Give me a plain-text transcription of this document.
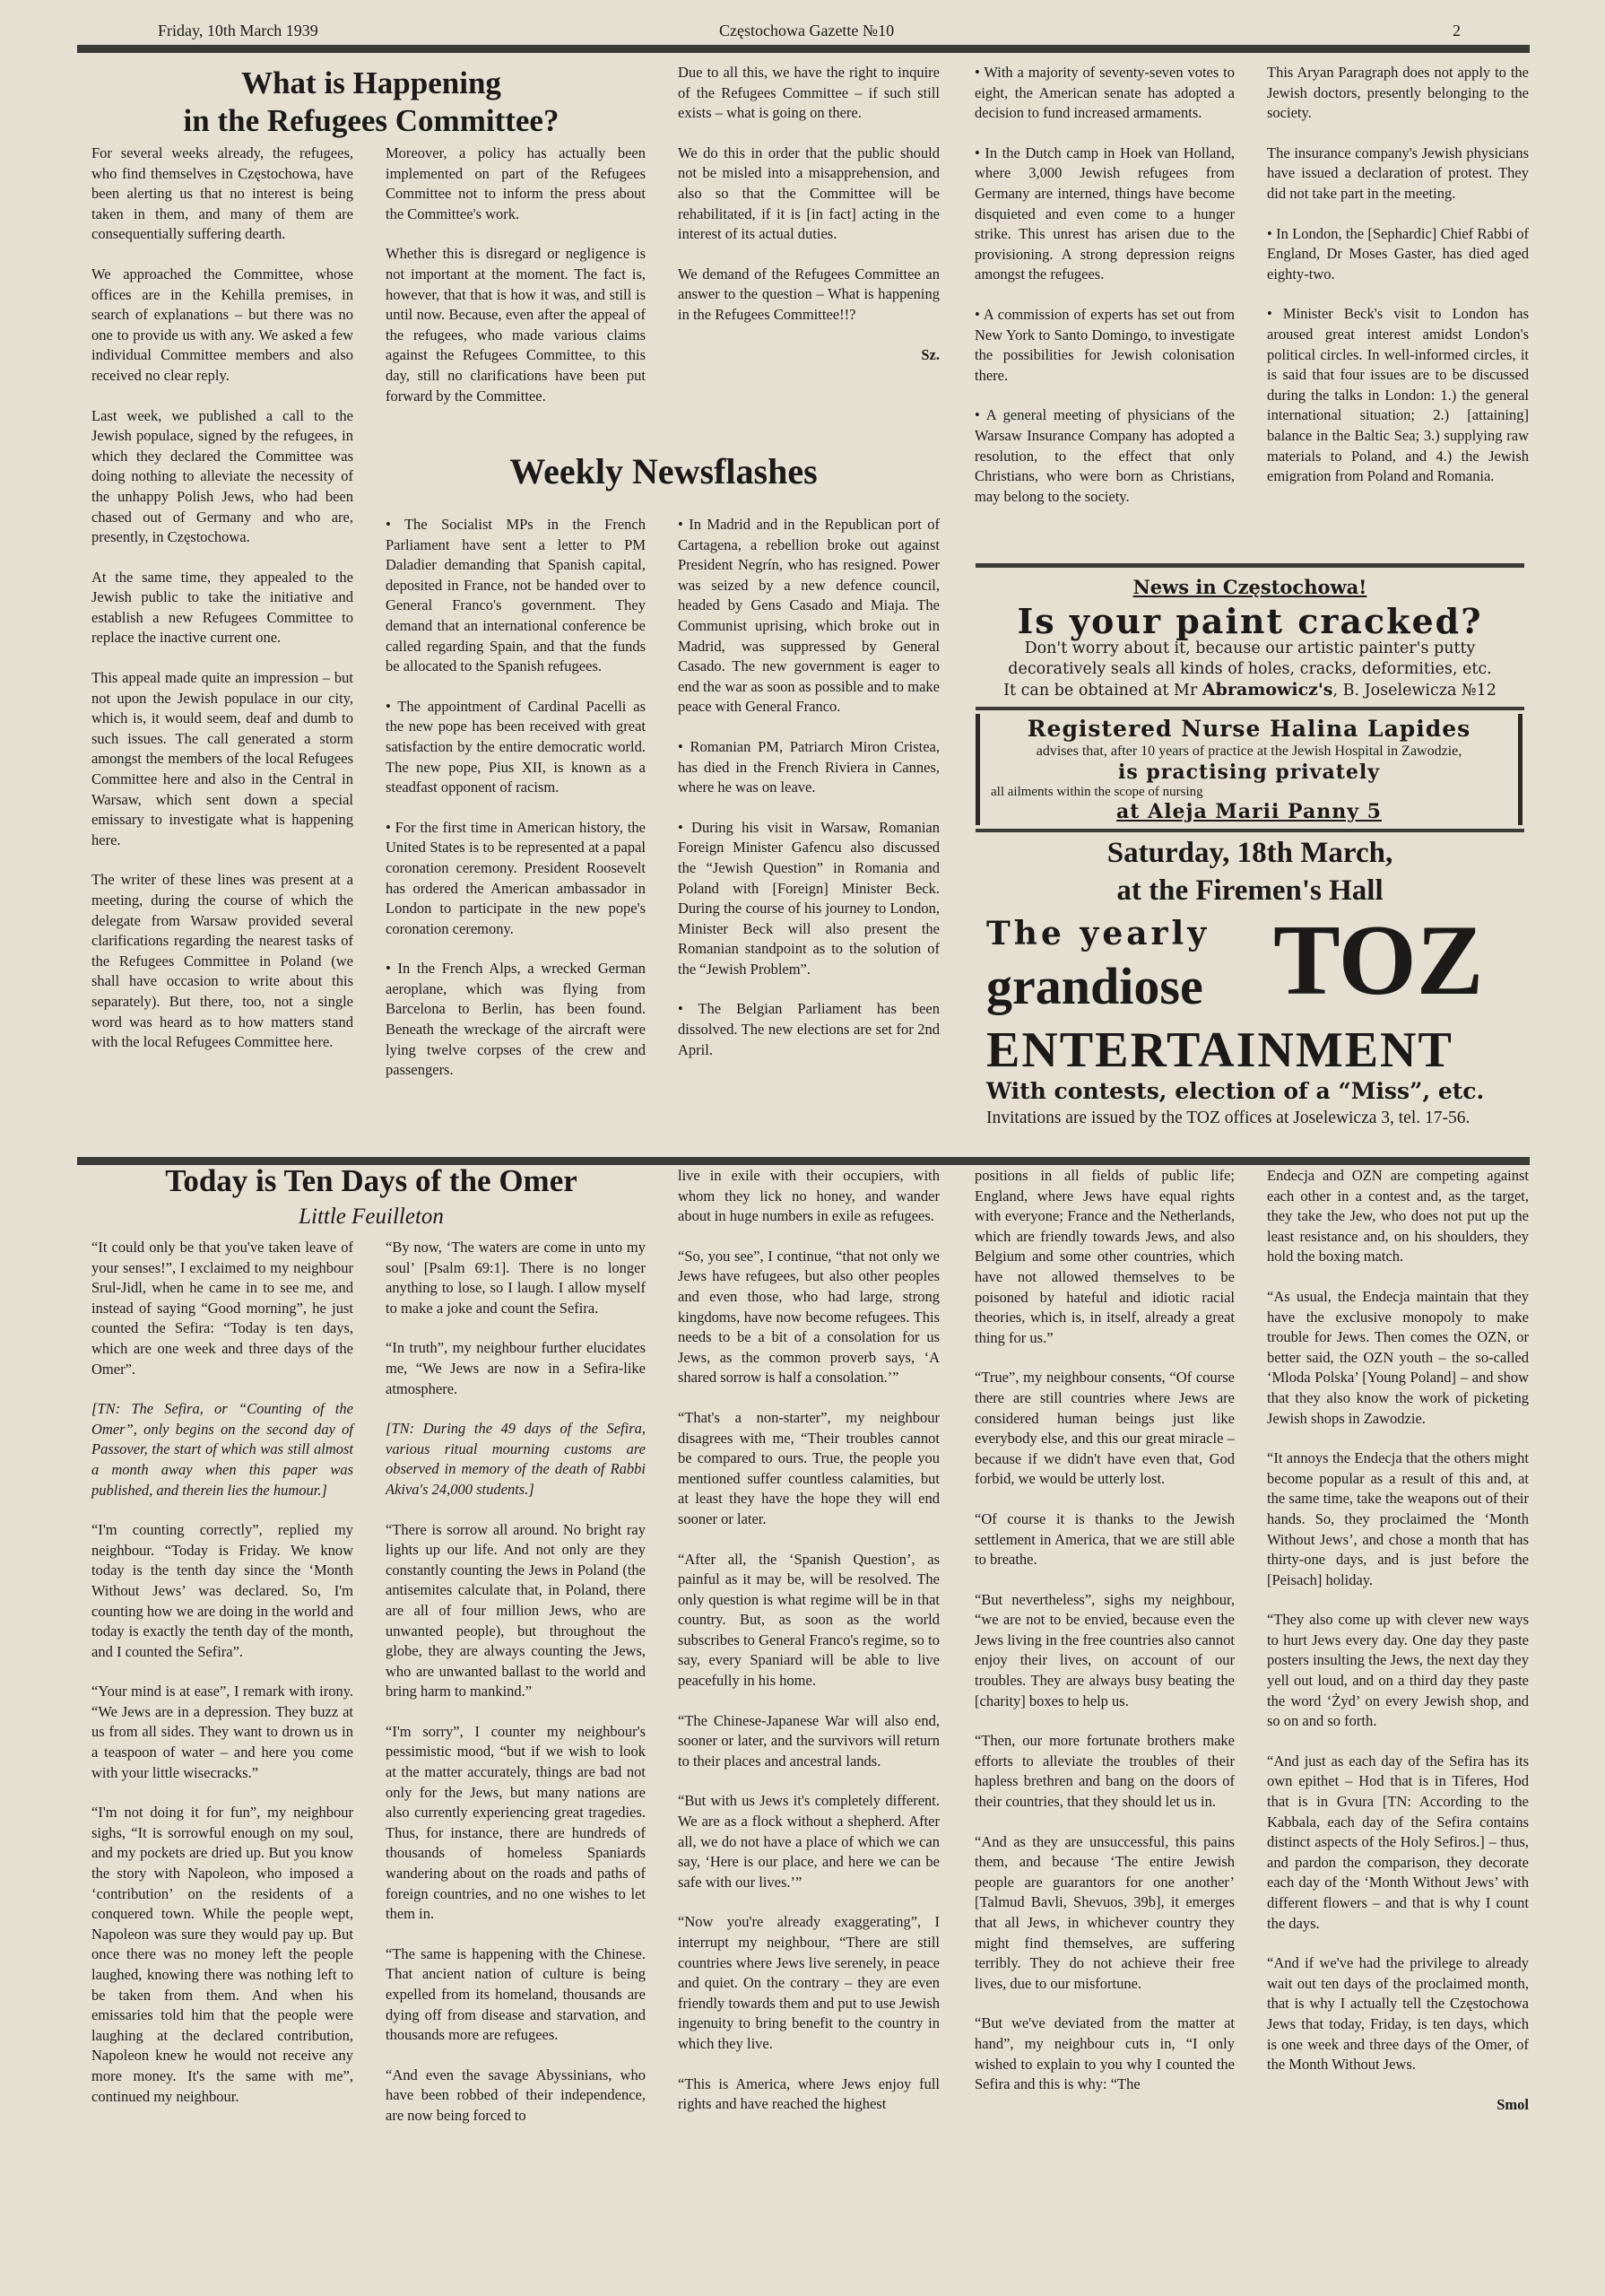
Friday, 10th March 1939	Częstochowa Gazette №10	2
What is Happening
in the Refugees Committee?

For several weeks already, the refugees, who find themselves in Częstochowa, have been alerting us that no interest is being taken in them, and many of them are consequentially suffering dearth.

We approached the Committee, whose offices are in the Kehilla premises, in search of explanations – but there was no one to provide us with any. We asked a few individual Committee members and also received no clear reply.

Last week, we published a call to the Jewish populace, signed by the refugees, in which they declared the Committee was doing nothing to alleviate the necessity of the unhappy Polish Jews, who had been chased out of Germany and who are, presently, in Częstochowa.

At the same time, they appealed to the Jewish public to take the initiative and establish a new Refugees Committee to replace the inactive current one.

This appeal made quite an impression – but not upon the Jewish populace in our city, which is, it would seem, deaf and dumb to such issues. The call generated a storm amongst the members of the local Refugees Committee here and also in the Central in Warsaw, which sent down a special emissary to investigate what is happening here.

The writer of these lines was present at a meeting, during the course of which the delegate from Warsaw provided several clarifications regarding the nearest tasks of the Refugees Committee in Poland (we shall have occasion to write about this separately). But there, too, not a single word was heard as to how matters stand with the local Refugees Committee here.

Moreover, a policy has actually been implemented on part of the Refugees Committee not to inform the press about the Committee's work.

Whether this is disregard or negligence is not important at the moment. The fact is, however, that that is how it was, and still is until now. Because, even after the appeal of the refugees, who made various claims against the Refugees Committee, to this day, still no clarifications have been put forward by the Committee.

Due to all this, we have the right to inquire of the Refugees Committee – if such still exists – what is going on there.

We do this in order that the public should not be misled into a misapprehension, and also so that the Committee will be rehabilitated, if it is [in fact] acting in the interest of its actual duties.

We demand of the Refugees Committee an answer to the question – What is happening in the Refugees Committee!!?

Sz.
Weekly Newsflashes

• The Socialist MPs in the French Parliament have sent a letter to PM Daladier demanding that Spanish capital, deposited in France, not be handed over to General Franco's government. They demand that an international conference be called regarding Spain, and that the funds be allocated to the Spanish refugees.

• The appointment of Cardinal Pacelli as the new pope has been received with great satisfaction by the entire democratic world. The new pope, Pius XII, is known as a steadfast opponent of racism.

• For the first time in American history, the United States is to be represented at a papal coronation ceremony. President Roosevelt has ordered the American ambassador in London to participate in the new pope's coronation ceremony.

• In the French Alps, a wrecked German aeroplane, which was flying from Barcelona to Berlin, has been found. Beneath the wreckage of the aircraft were lying twelve corpses of the crew and passengers.

• In Madrid and in the Republican port of Cartagena, a rebellion broke out against President Negrín, who has resigned. Power was seized by a new defence council, headed by Gens Casado and Miaja. The Communist uprising, which broke out in Madrid, was suppressed by General Casado. The new government is eager to end the war as soon as possible and to make peace with General Franco.

• Romanian PM, Patriarch Miron Cristea, has died in the French Riviera in Cannes, where he was on leave.

• During his visit in Warsaw, Romanian Foreign Minister Gafencu also discussed the “Jewish Question” in Romania and Poland with [Foreign] Minister Beck. During the course of his journey to London, Minister Beck will also present the Romanian standpoint as to the solution of the “Jewish Problem”.

• The Belgian Parliament has been dissolved. The new elections are set for 2nd April.

• With a majority of seventy-seven votes to eight, the American senate has adopted a decision to fund increased armaments.

• In the Dutch camp in Hoek van Holland, where 3,000 Jewish refugees from Germany are interned, things have become disquieted and even come to a hunger strike. This unrest has arisen due to the provisioning. A strong depression reigns amongst the refugees.

• A commission of experts has set out from New York to Santo Domingo, to investigate the possibilities for Jewish colonisation there.

• A general meeting of physicians of the Warsaw Insurance Company has adopted a resolution, to the effect that only Christians, who were born as Christians, may belong to the society.

This Aryan Paragraph does not apply to the Jewish doctors, presently belonging to the society.

The insurance company's Jewish physicians have issued a declaration of protest. They did not take part in the meeting.

• In London, the [Sephardic] Chief Rabbi of England, Dr Moses Gaster, has died aged eighty-two.

• Minister Beck's visit to London has aroused great interest amidst London's political circles. In well-informed circles, it is said that four issues are to be discussed during the talks in London: 1.) the general international situation; 2.) [attaining] balance in the Baltic Sea; 3.) supplying raw materials to Poland, and 4.) the Jewish emigration from Poland and Romania.

News in Częstochowa!
Is your paint cracked?
Don't worry about it, because our artistic painter's putty
decoratively seals all kinds of holes, cracks, deformities, etc.
It can be obtained at Mr Abramowicz's, B. Joselewicza №12
Registered Nurse Halina Lapides
advises that, after 10 years of practice at the Jewish Hospital in Zawodzie,
is practising privately
all ailments within the scope of nursing
at Aleja Marii Panny 5
Saturday, 18th March,
at the Firemen's Hall
The yearly
grandiose TOZ
ENTERTAINMENT
With contests, election of a “Miss”, etc.
Invitations are issued by the TOZ offices at Joselewicza 3, tel. 17-56.
Today is Ten Days of the Omer
Little Feuilleton

“It could only be that you've taken leave of your senses!”, I exclaimed to my neighbour Srul-Jidl, when he came in to see me, and instead of saying “Good morning”, he just counted the Sefira: “Today is ten days, which are one week and three days of the Omer”.

[TN: The Sefira, or “Counting of the Omer”, only begins on the second day of Passover, the start of which was still almost a month away when this paper was published, and therein lies the humour.]

“I'm counting correctly”, replied my neighbour. “Today is Friday. We know today is the tenth day since the ‘Month Without Jews’ was declared. So, I'm counting how we are doing in the world and today is exactly the tenth day of the month, and I counted the Sefira”.

“Your mind is at ease”, I remark with irony. “We Jews are in a depression. They buzz at us from all sides. They want to drown us in a teaspoon of water – and here you come with your little wisecracks.”

“I'm not doing it for fun”, my neighbour sighs, “It is sorrowful enough on my soul, and my pockets are dried up. But you know the story with Napoleon, who imposed a ‘contribution’ on the residents of a conquered town. While the people wept, Napoleon was sure they would pay up. But once there was no money left the people laughed, knowing there was nothing left to be taken from them. And when his emissaries told him that the people were laughing at the declared contribution, Napoleon knew he would not receive any more money. It's the same with me”, continued my neighbour.

“By now, ‘The waters are come in unto my soul’ [Psalm 69:1]. There is no longer anything to lose, so I laugh. I allow myself to make a joke and count the Sefira.

“In truth”, my neighbour further elucidates me, “We Jews are now in a Sefira-like atmosphere.

[TN: During the 49 days of the Sefira, various ritual mourning customs are observed in memory of the death of Rabbi Akiva's 24,000 students.]

“There is sorrow all around. No bright ray lights up our life. And not only are they constantly counting the Jews in Poland (the antisemites calculate that, in Poland, there are all of four million Jews, who are unwanted people), but throughout the globe, they are always counting the Jews, who are unwanted ballast to the world and bring harm to mankind.”

“I'm sorry”, I counter my neighbour's pessimistic mood, “but if we wish to look at the matter accurately, things are bad not only for the Jews, but many nations are also currently experiencing great tragedies. Thus, for instance, there are hundreds of thousands of homeless Spaniards wandering about on the roads and paths of foreign countries, and no one wishes to let them in.

“The same is happening with the Chinese. That ancient nation of culture is being expelled from its homeland, thousands are dying off from disease and starvation, and thousands more are refugees.

“And even the savage Abyssinians, who have been robbed of their independence, are now being forced to

live in exile with their occupiers, with whom they lick no honey, and wander about in huge numbers in exile as refugees.

“So, you see”, I continue, “that not only we Jews have refugees, but also other peoples and even those, who had large, strong kingdoms, have now become refugees. This needs to be a bit of a consolation for us Jews, as the common proverb says, ‘A shared sorrow is half a consolation.’”

“That's a non-starter”, my neighbour disagrees with me, “Their troubles cannot be compared to ours. True, the people you mentioned suffer countless calamities, but at least they have the hope they will end sooner or later.

“After all, the ‘Spanish Question’, as painful as it may be, will be resolved. The only question is what regime will be in that country. But, as soon as the world subscribes to General Franco's regime, so to say, every Spaniard will be able to live peacefully in his home.

“The Chinese-Japanese War will also end, sooner or later, and the survivors will return to their places and ancestral lands.

“But with us Jews it's completely different. We are as a flock without a shepherd. After all, we do not have a place of which we can say, ‘Here is our place, and here we can be safe with our lives.’”

“Now you're already exaggerating”, I interrupt my neighbour, “There are still countries where Jews live serenely, in peace and quiet. On the contrary – they are even friendly towards them and put to use Jewish ingenuity to bring benefit to the country in which they live.

“This is America, where Jews enjoy full rights and have reached the highest

positions in all fields of public life; England, where Jews have equal rights with everyone; France and the Netherlands, which are friendly towards Jews, and also Belgium and some other countries, which have not allowed themselves to be poisoned by hateful and idiotic racial theories, which is, in itself, already a great thing for us.”

“True”, my neighbour consents, “Of course there are still countries where Jews are considered human beings just like everybody else, and this our great miracle – because if we didn't have even that, God forbid, we would be utterly lost.

“Of course it is thanks to the Jewish settlement in America, that we are still able to breathe.

“But nevertheless”, sighs my neighbour, “we are not to be envied, because even the Jews living in the free countries also cannot enjoy their lives, on account of our troubles. They are always busy beating the [charity] boxes to help us.

“Then, our more fortunate brothers make efforts to alleviate the troubles of their hapless brethren and bang on the doors of their countries, that they should let us in.

“And as they are unsuccessful, this pains them, and because ‘The entire Jewish people are guarantors for one another’ [Talmud Bavli, Shevuos, 39b], it emerges that all Jews, in whichever country they might find themselves, are suffering terribly. They do not achieve their free lives, due to our misfortune.

“But we've deviated from the matter at hand”, my neighbour cuts in, “I only wished to explain to you why I counted the Sefira and this is why: “The

Endecja and OZN are competing against each other in a contest and, as the target, they take the Jew, who does not put up the least resistance and, on his shoulders, they hold the boxing match.

“As usual, the Endecja maintain that they have the exclusive monopoly to make trouble for Jews. Then comes the OZN, or better said, the OZN youth – the so-called ‘Mloda Polska’ [Young Poland] – and show that they also know the work of picketing Jewish shops in Zawodzie.

“It annoys the Endecja that the others might become popular as a result of this and, at the same time, take the weapons out of their hands. So, they proclaimed the ‘Month Without Jews’, and chose a month that has thirty-one days, and is just before the [Peisach] holiday.

“They also come up with clever new ways to hurt Jews every day. One day they paste posters insulting the Jews, the next day they yell out loud, and on a third day they paste the word ‘Żyd’ on every Jewish shop, and so on and so forth.

“And just as each day of the Sefira has its own epithet – Hod that is in Tiferes, Hod that is in Gvura [TN: According to the Kabbala, each day of the Sefira contains distinct aspects of the Holy Sefiros.] – thus, and pardon the comparison, they decorate each day of the ‘Month Without Jews’ with different flowers – and that is why I count the days.

“And if we've had the privilege to already wait out ten days of the proclaimed month, that is why I actually tell the Częstochowa Jews that today, Friday, is ten days, which is one week and three days of the Omer, of the Month Without Jews.

Smol
